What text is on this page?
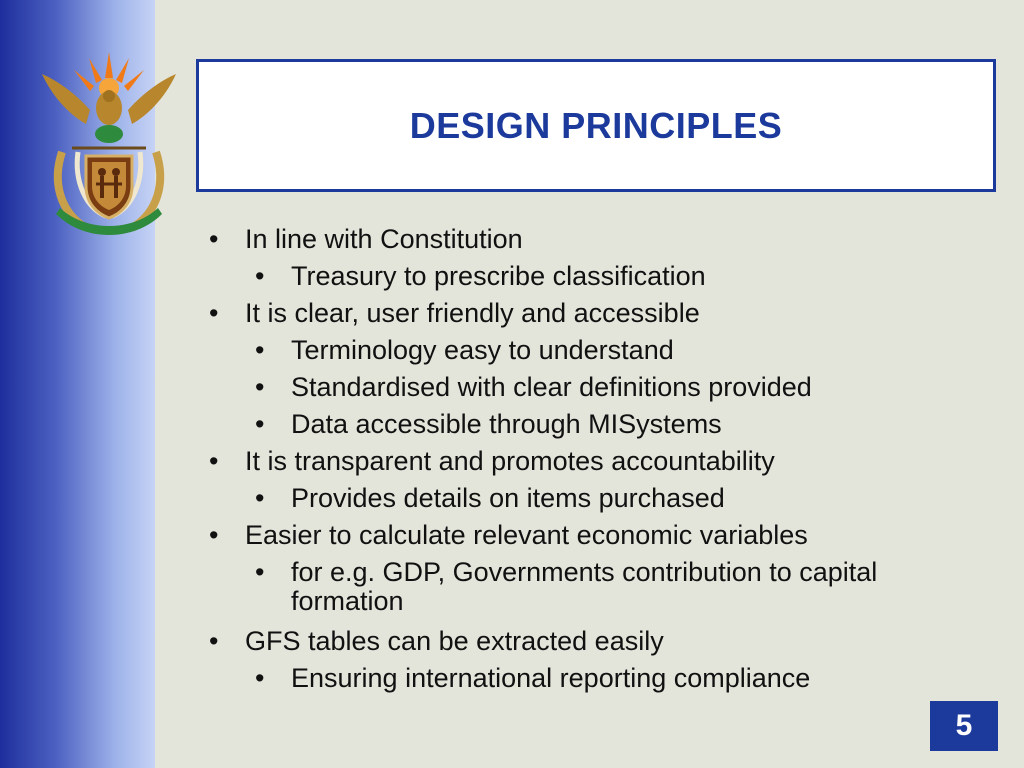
DESIGN PRINCIPLES
• In line with Constitution
• Treasury to prescribe classification
• It is clear, user friendly and accessible
• Terminology easy to understand
• Standardised with clear definitions provided
• Data accessible through MISystems
• It is transparent and promotes accountability
• Provides details on items purchased
• Easier to calculate relevant economic variables
• for e.g. GDP, Governments contribution to capital formation
• GFS tables can be extracted easily
• Ensuring international reporting compliance
5
